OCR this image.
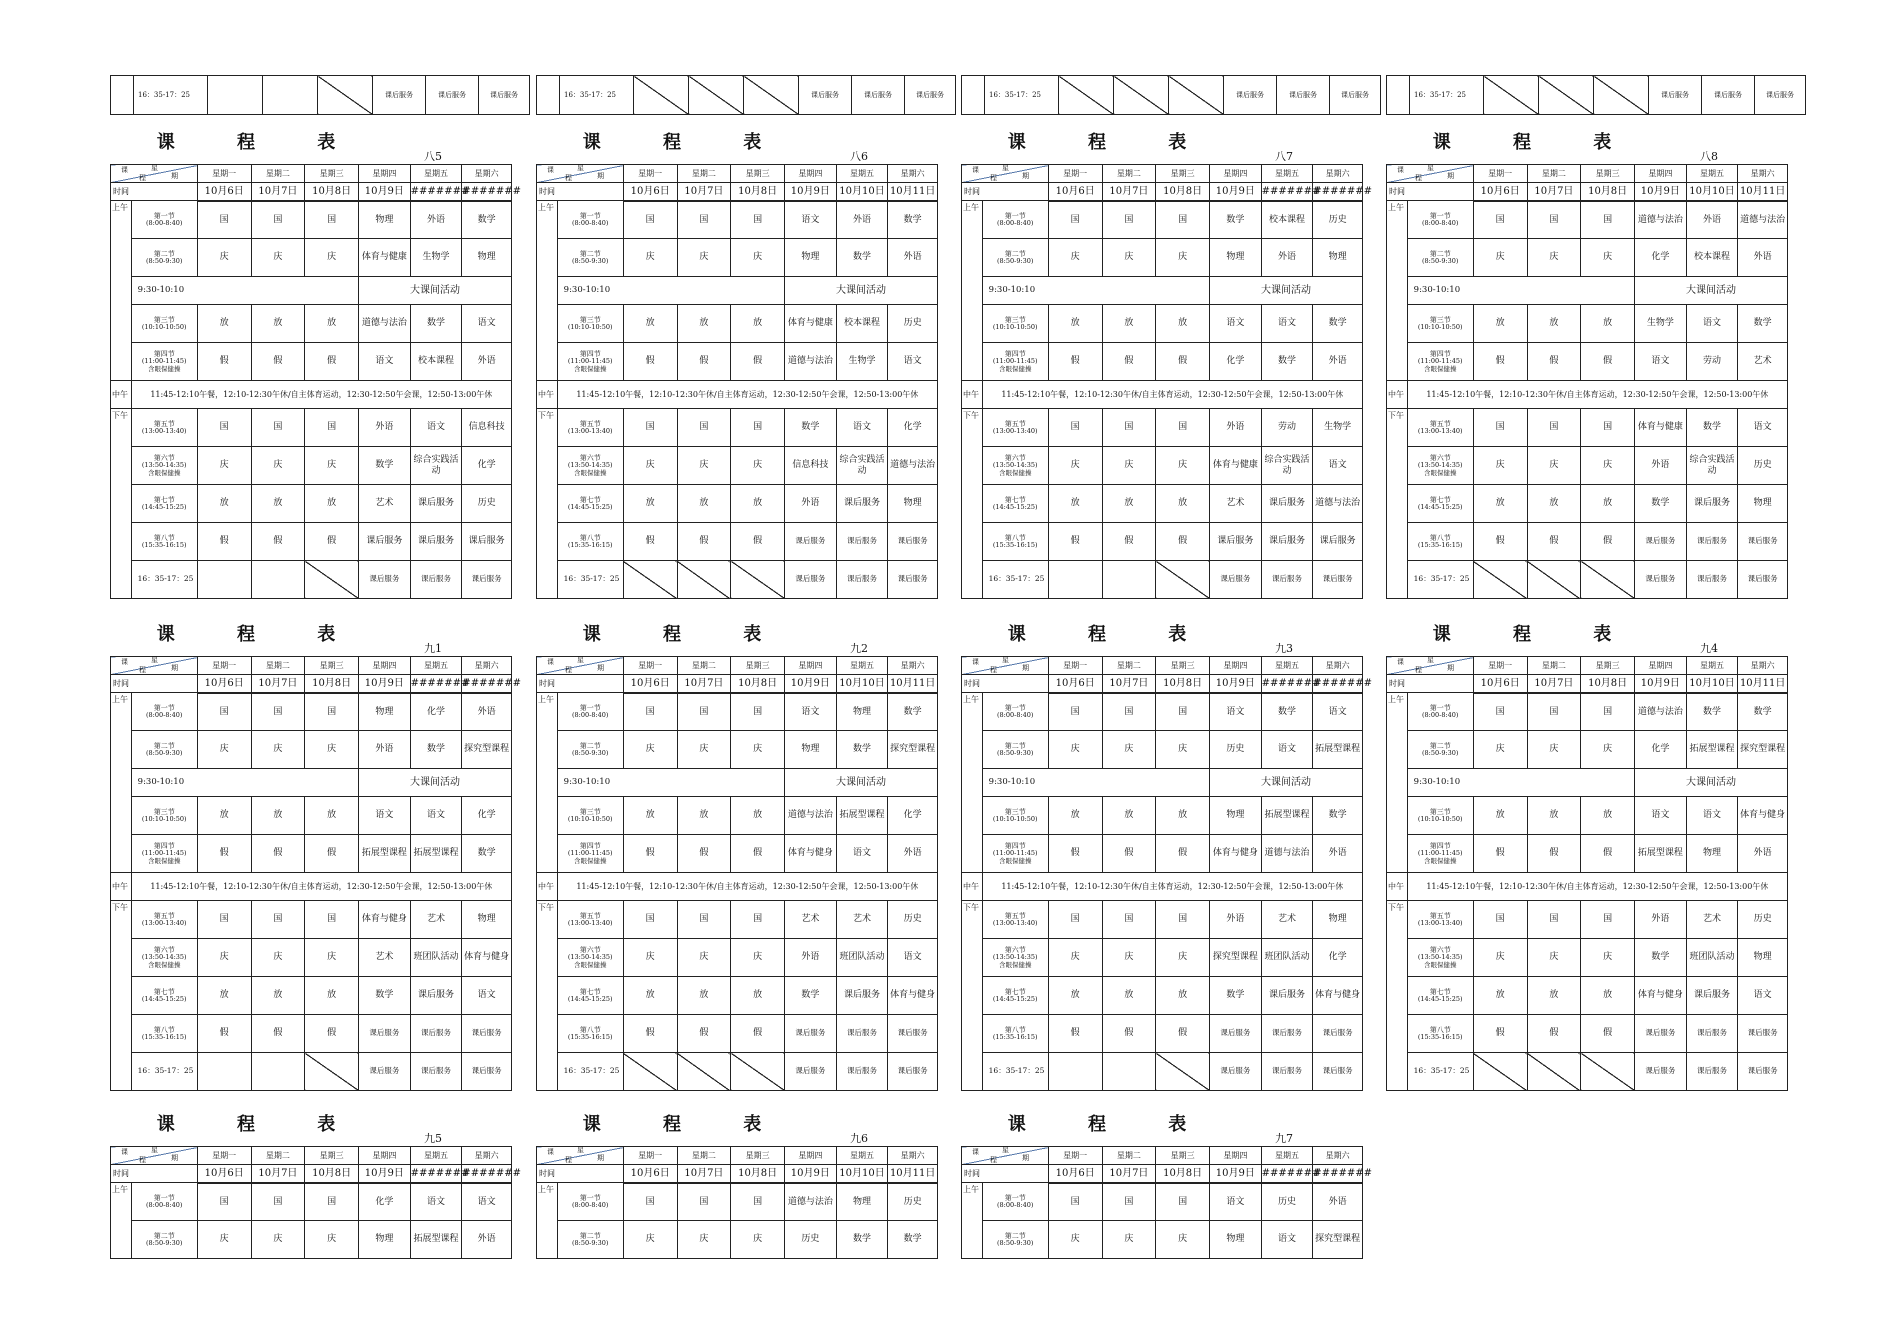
	16：35-17：25				课后服务	课后服务	课后服务
		16：35-17：25				课后服务	课后服务	课后服务
		16：35-17：25				课后服务	课后服务	课后服务
		16：35-17：25				课后服务	课后服务	课后服务
课 程 表
八5
课
程
星
期		星期一	星期二	星期三	星期四	星期五	星期六
时间		10月6日	10月7日	10月8日	10月9日	#######	#######
上午	第一节
(8:00-8:40)	国	国	国	物理	外语	数学

	第二节
(8:50-9:30)	庆	庆	庆	体育与健康	生物学	物理
	9:30-10:10				大课间活动		

	第三节
(10:10-10:50)	放	放	放	道德与法治	数学	语文

	第四节
(11:00-11:45)
含眼保健操	假	假	假	语文	校本课程	外语
中午	11:45-12:10午餐，12:10-12:30午休/自主体育运动，12:30-12:50午会课，12:50-13:00午休						
下午	第五节
(13:00-13:40)	国	国	国	外语	语文	信息科技

	第六节
(13:50-14:35)
含眼保健操	庆	庆	庆	数学	综合实践活动	化学

	第七节
(14:45-15:25)	放	放	放	艺术	课后服务	历史

	第八节
(15:35-16:15)	假	假	假	课后服务	课后服务	课后服务
	16：35-17：25				课后服务	课后服务	课后服务
课 程 表
八6
课
程
星
期		星期一	星期二	星期三	星期四	星期五	星期六
时间		10月6日	10月7日	10月8日	10月9日	10月10日	10月11日
上午	第一节
(8:00-8:40)	国	国	国	语文	外语	数学

	第二节
(8:50-9:30)	庆	庆	庆	物理	数学	外语
	9:30-10:10				大课间活动		

	第三节
(10:10-10:50)	放	放	放	体育与健康	校本课程	历史

	第四节
(11:00-11:45)
含眼保健操	假	假	假	道德与法治	生物学	语文
中午	11:45-12:10午餐，12:10-12:30午休/自主体育运动，12:30-12:50午会课，12:50-13:00午休						
下午	第五节
(13:00-13:40)	国	国	国	数学	语文	化学

	第六节
(13:50-14:35)
含眼保健操	庆	庆	庆	信息科技	综合实践活动	道德与法治

	第七节
(14:45-15:25)	放	放	放	外语	课后服务	物理

	第八节
(15:35-16:15)	假	假	假	课后服务	课后服务	课后服务
	16：35-17：25				课后服务	课后服务	课后服务
课 程 表
八7
课
程
星
期		星期一	星期二	星期三	星期四	星期五	星期六
时间		10月6日	10月7日	10月8日	10月9日	#######	#######
上午	第一节
(8:00-8:40)	国	国	国	数学	校本课程	历史

	第二节
(8:50-9:30)	庆	庆	庆	物理	外语	物理
	9:30-10:10				大课间活动		

	第三节
(10:10-10:50)	放	放	放	语文	语文	数学

	第四节
(11:00-11:45)
含眼保健操	假	假	假	化学	数学	外语
中午	11:45-12:10午餐，12:10-12:30午休/自主体育运动，12:30-12:50午会课，12:50-13:00午休						
下午	第五节
(13:00-13:40)	国	国	国	外语	劳动	生物学

	第六节
(13:50-14:35)
含眼保健操	庆	庆	庆	体育与健康	综合实践活动	语文

	第七节
(14:45-15:25)	放	放	放	艺术	课后服务	道德与法治

	第八节
(15:35-16:15)	假	假	假	课后服务	课后服务	课后服务
	16：35-17：25				课后服务	课后服务	课后服务
课 程 表
八8
课
程
星
期		星期一	星期二	星期三	星期四	星期五	星期六
时间		10月6日	10月7日	10月8日	10月9日	10月10日	10月11日
上午	第一节
(8:00-8:40)	国	国	国	道德与法治	外语	道德与法治

	第二节
(8:50-9:30)	庆	庆	庆	化学	校本课程	外语
	9:30-10:10				大课间活动		

	第三节
(10:10-10:50)	放	放	放	生物学	语文	数学

	第四节
(11:00-11:45)
含眼保健操	假	假	假	语文	劳动	艺术
中午	11:45-12:10午餐，12:10-12:30午休/自主体育运动，12:30-12:50午会课，12:50-13:00午休						
下午	第五节
(13:00-13:40)	国	国	国	体育与健康	数学	语文

	第六节
(13:50-14:35)
含眼保健操	庆	庆	庆	外语	综合实践活动	历史

	第七节
(14:45-15:25)	放	放	放	数学	课后服务	物理

	第八节
(15:35-16:15)	假	假	假	课后服务	课后服务	课后服务
	16：35-17：25				课后服务	课后服务	课后服务
课 程 表
九1
课
程
星
期		星期一	星期二	星期三	星期四	星期五	星期六
时间		10月6日	10月7日	10月8日	10月9日	#######	#######
上午	第一节
(8:00-8:40)	国	国	国	物理	化学	外语

	第二节
(8:50-9:30)	庆	庆	庆	外语	数学	探究型课程
	9:30-10:10				大课间活动		

	第三节
(10:10-10:50)	放	放	放	语文	语文	化学

	第四节
(11:00-11:45)
含眼保健操	假	假	假	拓展型课程	拓展型课程	数学
中午	11:45-12:10午餐，12:10-12:30午休/自主体育运动，12:30-12:50午会课，12:50-13:00午休						
下午	第五节
(13:00-13:40)	国	国	国	体育与健身	艺术	物理

	第六节
(13:50-14:35)
含眼保健操	庆	庆	庆	艺术	班团队活动	体育与健身

	第七节
(14:45-15:25)	放	放	放	数学	课后服务	语文

	第八节
(15:35-16:15)	假	假	假	课后服务	课后服务	课后服务
	16：35-17：25				课后服务	课后服务	课后服务
课 程 表
九2
课
程
星
期		星期一	星期二	星期三	星期四	星期五	星期六
时间		10月6日	10月7日	10月8日	10月9日	10月10日	10月11日
上午	第一节
(8:00-8:40)	国	国	国	语文	物理	数学

	第二节
(8:50-9:30)	庆	庆	庆	物理	数学	探究型课程
	9:30-10:10				大课间活动		

	第三节
(10:10-10:50)	放	放	放	道德与法治	拓展型课程	化学

	第四节
(11:00-11:45)
含眼保健操	假	假	假	体育与健身	语文	外语
中午	11:45-12:10午餐，12:10-12:30午休/自主体育运动，12:30-12:50午会课，12:50-13:00午休						
下午	第五节
(13:00-13:40)	国	国	国	艺术	艺术	历史

	第六节
(13:50-14:35)
含眼保健操	庆	庆	庆	外语	班团队活动	语文

	第七节
(14:45-15:25)	放	放	放	数学	课后服务	体育与健身

	第八节
(15:35-16:15)	假	假	假	课后服务	课后服务	课后服务
	16：35-17：25				课后服务	课后服务	课后服务
课 程 表
九3
课
程
星
期		星期一	星期二	星期三	星期四	星期五	星期六
时间		10月6日	10月7日	10月8日	10月9日	#######	#######
上午	第一节
(8:00-8:40)	国	国	国	语文	数学	语文

	第二节
(8:50-9:30)	庆	庆	庆	历史	语文	拓展型课程
	9:30-10:10				大课间活动		

	第三节
(10:10-10:50)	放	放	放	物理	拓展型课程	数学

	第四节
(11:00-11:45)
含眼保健操	假	假	假	体育与健身	道德与法治	外语
中午	11:45-12:10午餐，12:10-12:30午休/自主体育运动，12:30-12:50午会课，12:50-13:00午休						
下午	第五节
(13:00-13:40)	国	国	国	外语	艺术	物理

	第六节
(13:50-14:35)
含眼保健操	庆	庆	庆	探究型课程	班团队活动	化学

	第七节
(14:45-15:25)	放	放	放	数学	课后服务	体育与健身

	第八节
(15:35-16:15)	假	假	假	课后服务	课后服务	课后服务
	16：35-17：25				课后服务	课后服务	课后服务
课 程 表
九4
课
程
星
期		星期一	星期二	星期三	星期四	星期五	星期六
时间		10月6日	10月7日	10月8日	10月9日	10月10日	10月11日
上午	第一节
(8:00-8:40)	国	国	国	道德与法治	数学	数学

	第二节
(8:50-9:30)	庆	庆	庆	化学	拓展型课程	探究型课程
	9:30-10:10				大课间活动		

	第三节
(10:10-10:50)	放	放	放	语文	语文	体育与健身

	第四节
(11:00-11:45)
含眼保健操	假	假	假	拓展型课程	物理	外语
中午	11:45-12:10午餐，12:10-12:30午休/自主体育运动，12:30-12:50午会课，12:50-13:00午休						
下午	第五节
(13:00-13:40)	国	国	国	外语	艺术	历史

	第六节
(13:50-14:35)
含眼保健操	庆	庆	庆	数学	班团队活动	物理

	第七节
(14:45-15:25)	放	放	放	体育与健身	课后服务	语文

	第八节
(15:35-16:15)	假	假	假	课后服务	课后服务	课后服务
	16：35-17：25				课后服务	课后服务	课后服务
课 程 表
九5
课
程
星
期		星期一	星期二	星期三	星期四	星期五	星期六
时间		10月6日	10月7日	10月8日	10月9日	#######	#######
上午	第一节
(8:00-8:40)	国	国	国	化学	语文	语文

	第二节
(8:50-9:30)	庆	庆	庆	物理	拓展型课程	外语
课 程 表
九6
课
程
星
期		星期一	星期二	星期三	星期四	星期五	星期六
时间		10月6日	10月7日	10月8日	10月9日	10月10日	10月11日
上午	第一节
(8:00-8:40)	国	国	国	道德与法治	物理	历史

	第二节
(8:50-9:30)	庆	庆	庆	历史	数学	数学
课 程 表
九7
课
程
星
期		星期一	星期二	星期三	星期四	星期五	星期六
时间		10月6日	10月7日	10月8日	10月9日	#######	#######
上午	第一节
(8:00-8:40)	国	国	国	语文	历史	外语

	第二节
(8:50-9:30)	庆	庆	庆	物理	语文	探究型课程
